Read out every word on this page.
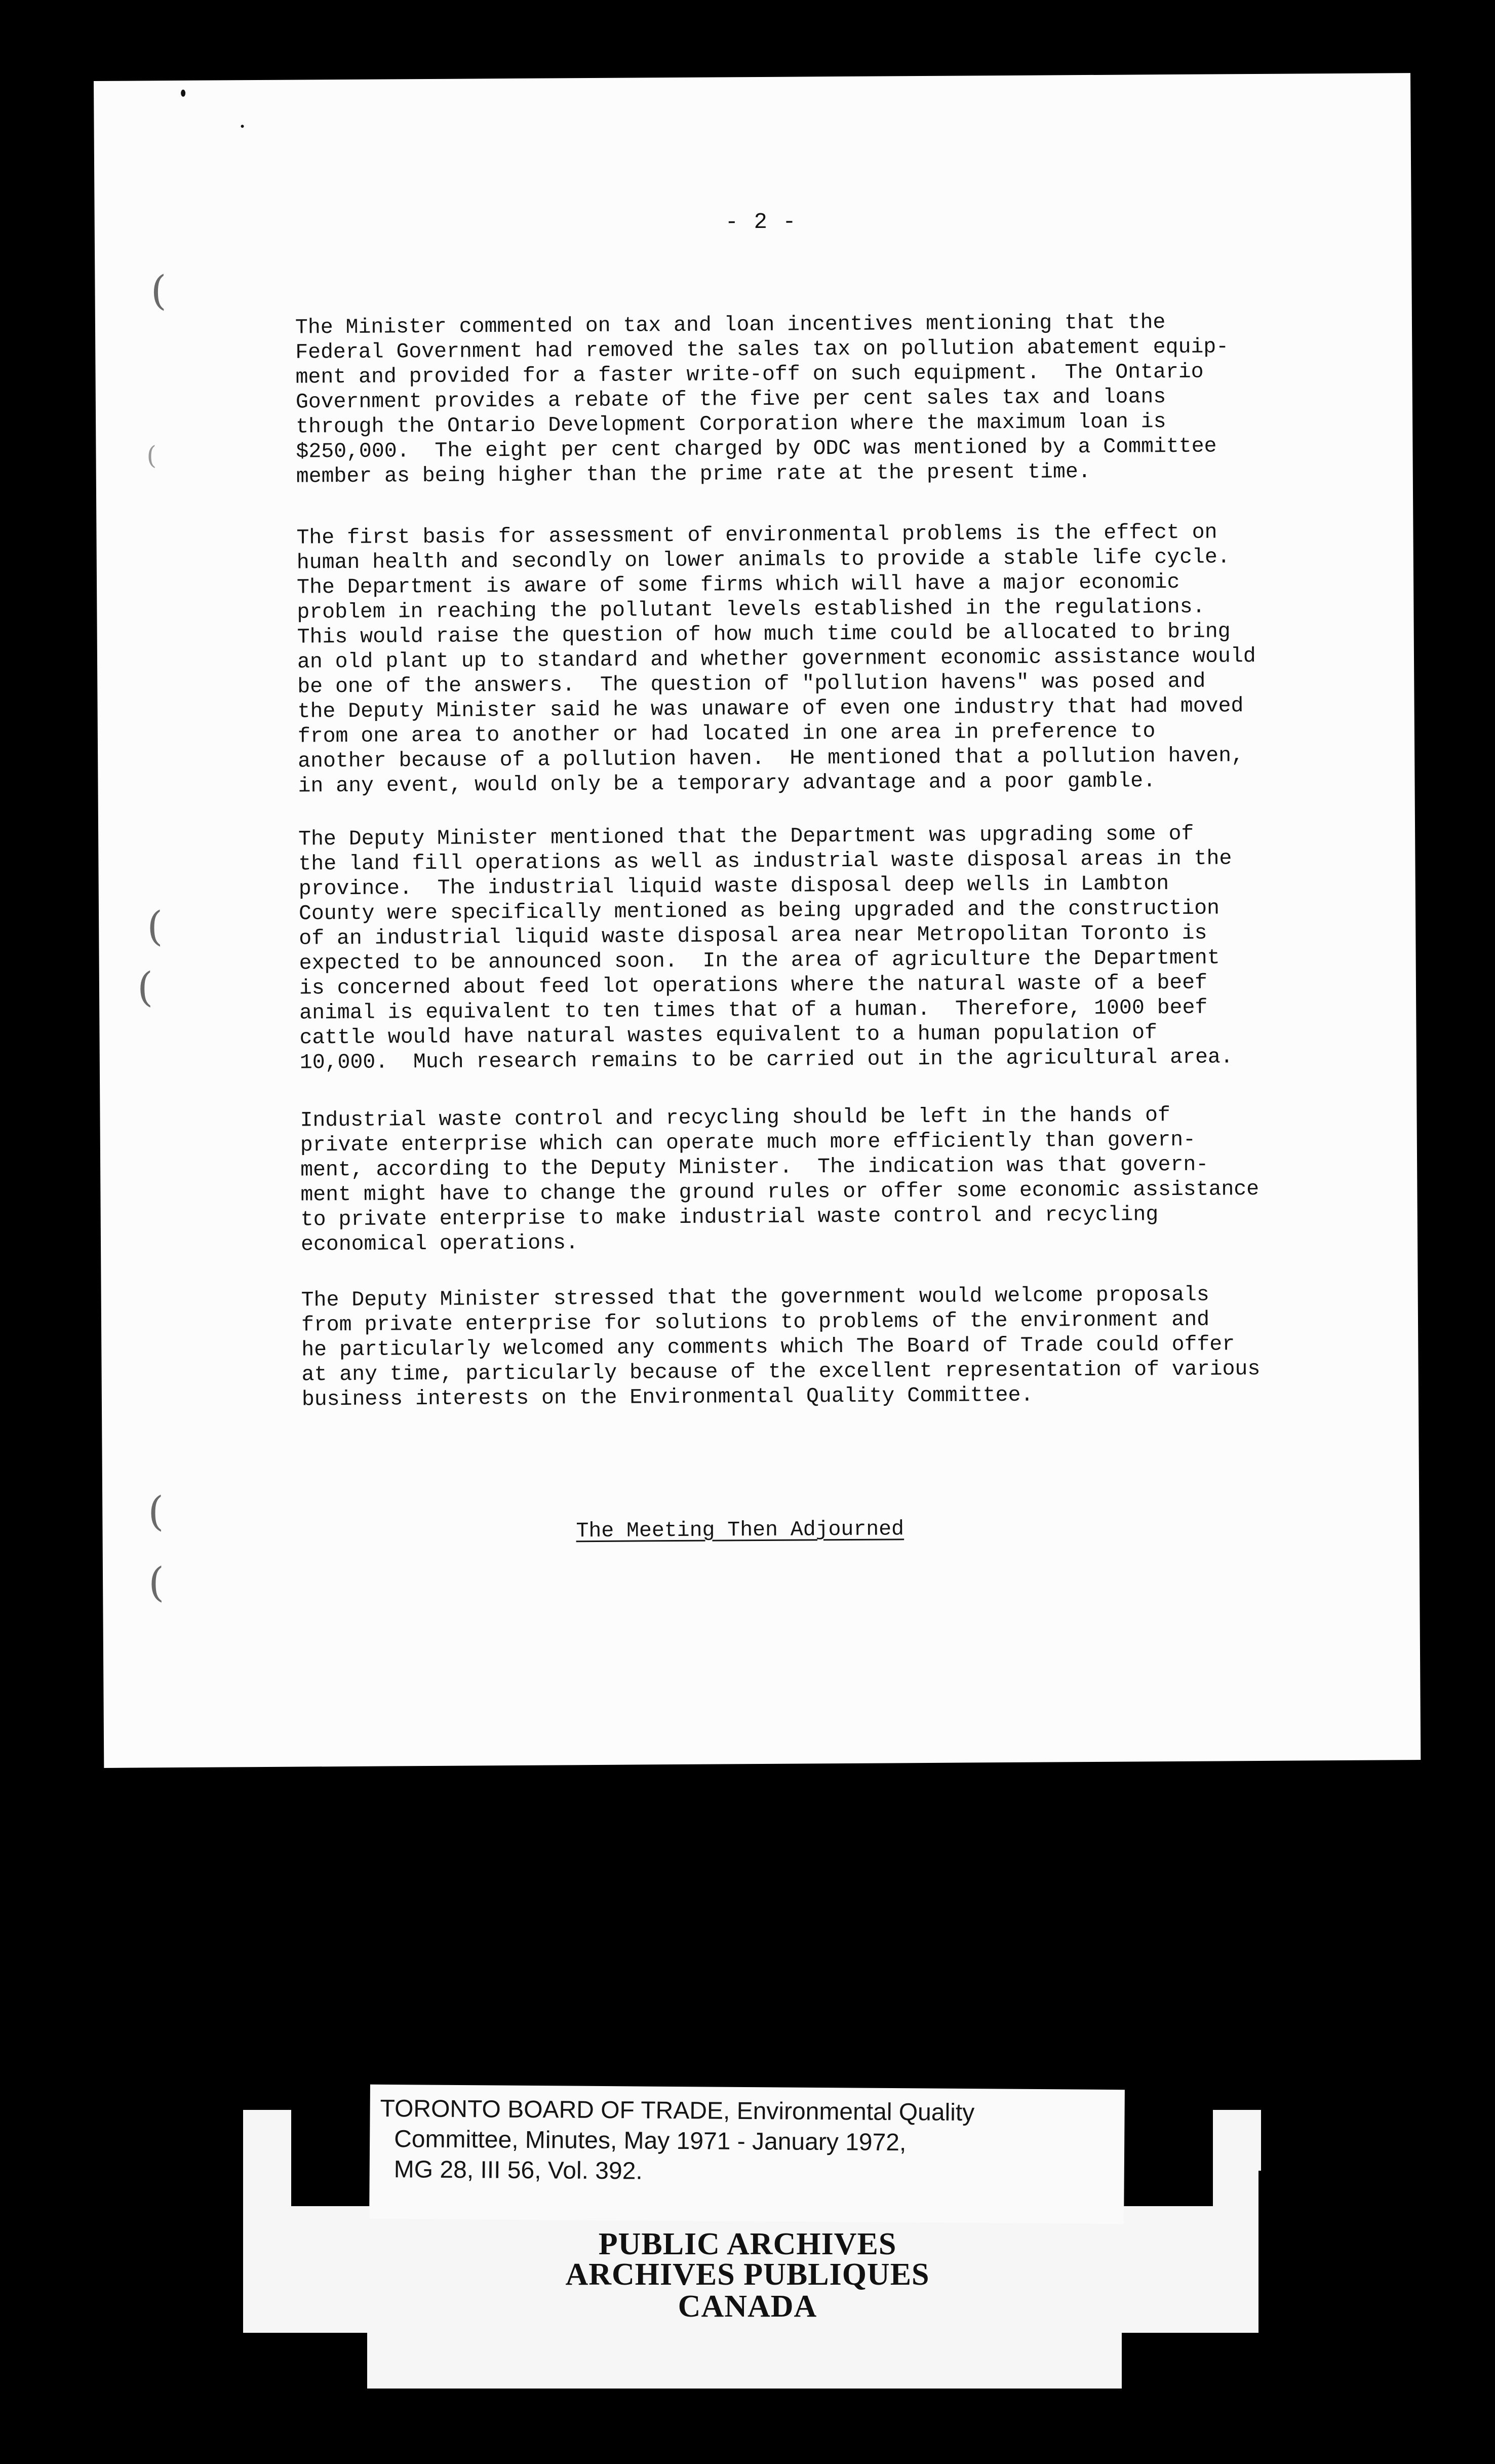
- 2 -

The Minister commented on tax and loan incentives mentioning that the
Federal Government had removed the sales tax on pollution abatement equip-
ment and provided for a faster write-off on such equipment.  The Ontario
Government provides a rebate of the five per cent sales tax and loans
through the Ontario Development Corporation where the maximum loan is
$250,000.  The eight per cent charged by ODC was mentioned by a Committee
member as being higher than the prime rate at the present time.

The first basis for assessment of environmental problems is the effect on
human health and secondly on lower animals to provide a stable life cycle.
The Department is aware of some firms which will have a major economic
problem in reaching the pollutant levels established in the regulations.
This would raise the question of how much time could be allocated to bring
an old plant up to standard and whether government economic assistance would
be one of the answers.  The question of "pollution havens" was posed and
the Deputy Minister said he was unaware of even one industry that had moved
from one area to another or had located in one area in preference to
another because of a pollution haven.  He mentioned that a pollution haven,
in any event, would only be a temporary advantage and a poor gamble.

The Deputy Minister mentioned that the Department was upgrading some of
the land fill operations as well as industrial waste disposal areas in the
province.  The industrial liquid waste disposal deep wells in Lambton
County were specifically mentioned as being upgraded and the construction
of an industrial liquid waste disposal area near Metropolitan Toronto is
expected to be announced soon.  In the area of agriculture the Department
is concerned about feed lot operations where the natural waste of a beef
animal is equivalent to ten times that of a human.  Therefore, 1000 beef
cattle would have natural wastes equivalent to a human population of
10,000.  Much research remains to be carried out in the agricultural area.

Industrial waste control and recycling should be left in the hands of
private enterprise which can operate much more efficiently than govern-
ment, according to the Deputy Minister.  The indication was that govern-
ment might have to change the ground rules or offer some economic assistance
to private enterprise to make industrial waste control and recycling
economical operations.

The Deputy Minister stressed that the government would welcome proposals
from private enterprise for solutions to problems of the environment and
he particularly welcomed any comments which The Board of Trade could offer
at any time, particularly because of the excellent representation of various
business interests on the Environmental Quality Committee.

The Meeting Then Adjourned
(
(
(
(
(
(
TORONTO BOARD OF TRADE, Environmental Quality
Committee, Minutes, May 1971 - January 1972,
MG 28, III 56, Vol. 392.
PUBLIC ARCHIVES
ARCHIVES PUBLIQUES
CANADA
